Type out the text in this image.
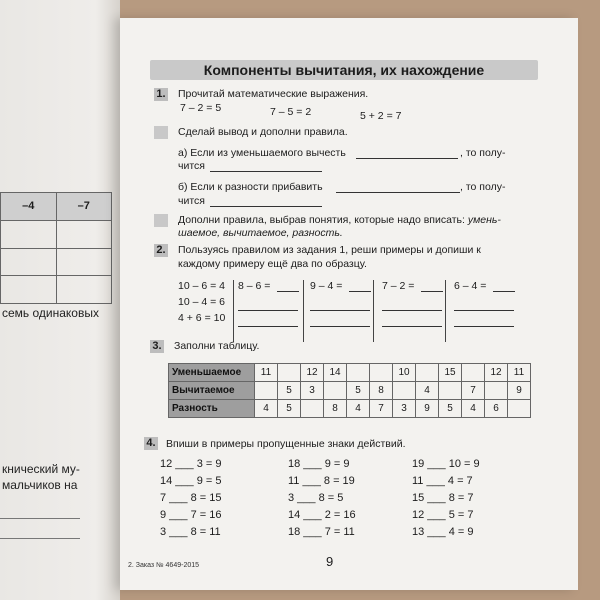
–4	–7

семь одинаковых
кнический му-
мальчиков на
Компоненты вычитания, их нахождение
1. Прочитай математические выражения.
7 – 2 = 5	7 – 5 = 2	5 + 2 = 7
Сделай вывод и дополни правила.
а) Если из уменьшаемого вычесть	, то полу-
чится
б) Если к разности прибавить	, то полу-
чится
Дополни правила, выбрав понятия, которые надо вписать: умень-
шаемое, вычитаемое, разность.
2. Пользуясь правилом из задания 1, реши примеры и допиши к
каждому примеру ещё два по образцу.
10 – 6 = 4
10 – 4 = 6
4 + 6 = 10
8 – 6 =	9 – 4 =	7 – 2 =	6 – 4 =
3. Заполни таблицу.
Уменьшаемое	11		12	14			10		15		12	11
Вычитаемое		5	3		5	8		4		7		9
Разность	4	5		8	4	7	3	9	5	4	6	
4. Впиши в примеры пропущенные знаки действий.
12 ___ 3 = 9
14 ___ 9 = 5
7 ___ 8 = 15
9 ___ 7 = 16
3 ___ 8 = 11
18 ___ 9 = 9
11 ___ 8 = 19
3 ___ 8 = 5
14 ___ 2 = 16
18 ___ 7 = 11
19 ___ 10 = 9
11 ___ 4 = 7
15 ___ 8 = 7
12 ___ 5 = 7
13 ___ 4 = 9
2. Заказ № 4649-2015	9
